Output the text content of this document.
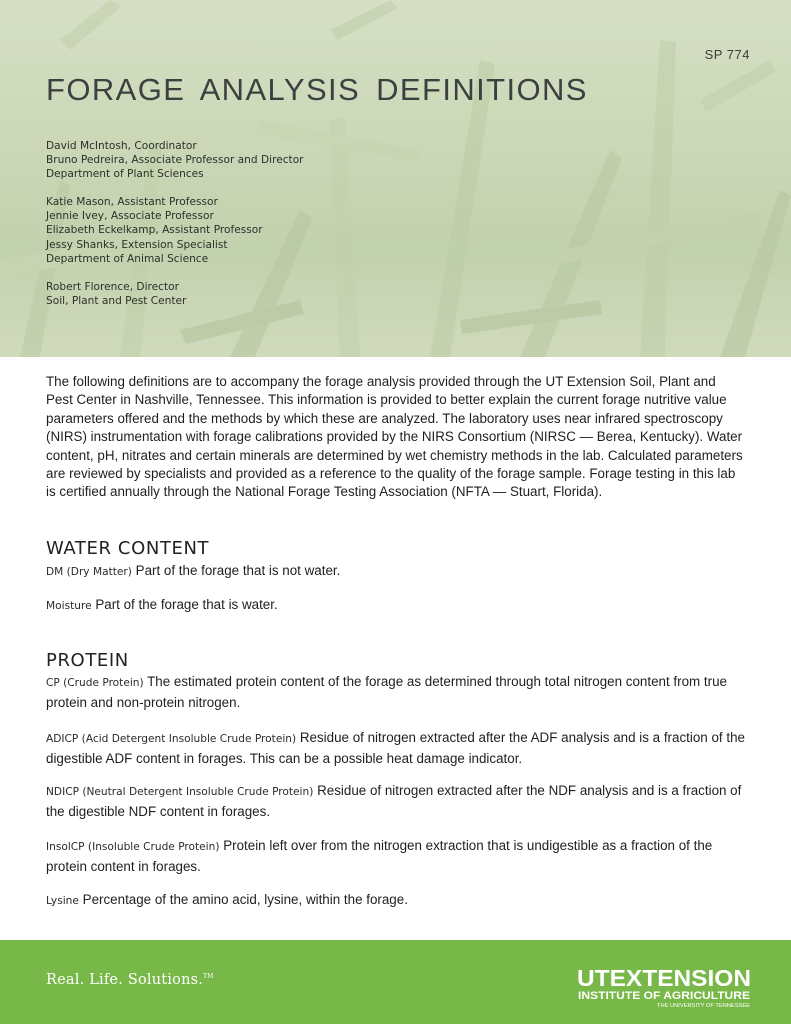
SP 774
FORAGE ANALYSIS DEFINITIONS
David McIntosh, Coordinator
Bruno Pedreira, Associate Professor and Director
Department of Plant Sciences
Katie Mason, Assistant Professor
Jennie Ivey, Associate Professor
Elizabeth Eckelkamp, Assistant Professor
Jessy Shanks, Extension Specialist
Department of Animal Science
Robert Florence, Director
Soil, Plant and Pest Center

The following definitions are to accompany the forage analysis provided through the UT Extension Soil, Plant and Pest Center in Nashville, Tennessee. This information is provided to better explain the current forage nutritive value parameters offered and the methods by which these are analyzed. The laboratory uses near infrared spectroscopy (NIRS) instrumentation with forage calibrations provided by the NIRS Consortium (NIRSC — Berea, Kentucky). Water content, pH, nitrates and certain minerals are determined by wet chemistry methods in the lab. Calculated parameters are reviewed by specialists and provided as a reference to the quality of the forage sample. Forage testing in this lab is certified annually through the National Forage Testing Association (NFTA — Stuart, Florida).

WATER CONTENT

DM (Dry Matter) Part of the forage that is not water.

Moisture Part of the forage that is water.

PROTEIN

CP (Crude Protein) The estimated protein content of the forage as determined through total nitrogen content from true protein and non-protein nitrogen.

ADICP (Acid Detergent Insoluble Crude Protein) Residue of nitrogen extracted after the ADF analysis and is a fraction of the digestible ADF content in forages. This can be a possible heat damage indicator.

NDICP (Neutral Detergent Insoluble Crude Protein) Residue of nitrogen extracted after the NDF analysis and is a fraction of the digestible NDF content in forages.

InsolCP (Insoluble Crude Protein) Protein left over from the nitrogen extraction that is undigestible as a fraction of the protein content in forages.

Lysine Percentage of the amino acid, lysine, within the forage.

Real. Life. Solutions.™	UTEXTENSION
INSTITUTE OF AGRICULTURE
THE UNIVERSITY OF TENNESSEE
